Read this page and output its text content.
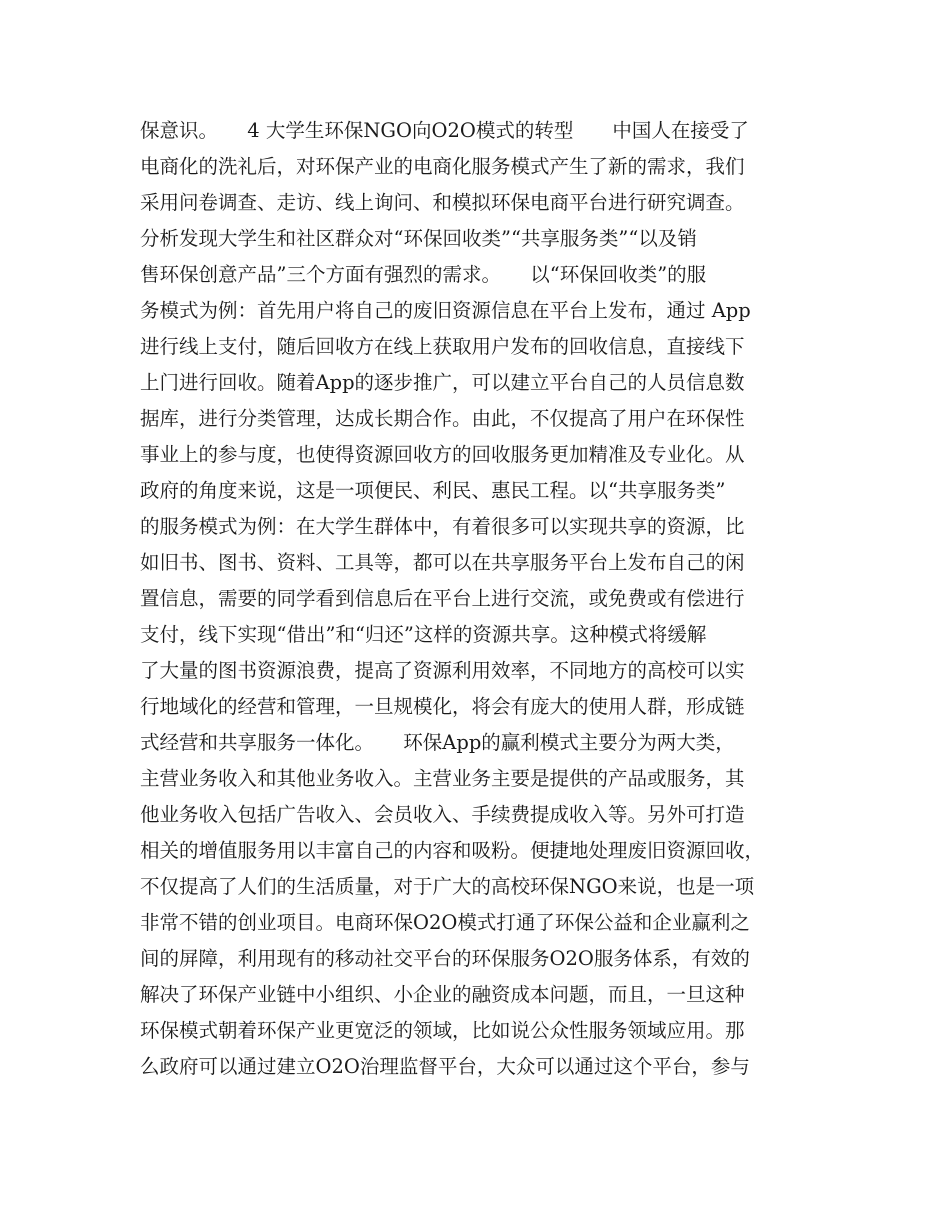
保意识。　　4 大学生环保NGO向O2O模式的转型　　中国人在接受了
电商化的洗礼后，对环保产业的电商化服务模式产生了新的需求，我们
采用问卷调查、走访、线上询问、和模拟环保电商平台进行研究调查。
分析发现大学生和社区群众对“环保回收类”“共享服务类”“以及销
售环保创意产品”三个方面有强烈的需求。　　以“环保回收类”的服
务模式为例：首先用户将自己的废旧资源信息在平台上发布，通过 App
进行线上支付，随后回收方在线上获取用户发布的回收信息，直接线下
上门进行回收。随着App的逐步推广，可以建立平台自己的人员信息数
据库，进行分类管理，达成长期合作。由此，不仅提高了用户在环保性
事业上的参与度，也使得资源回收方的回收服务更加精准及专业化。从
政府的角度来说，这是一项便民、利民、惠民工程。以“共享服务类”
的服务模式为例：在大学生群体中，有着很多可以实现共享的资源，比
如旧书、图书、资料、工具等，都可以在共享服务平台上发布自己的闲
置信息，需要的同学看到信息后在平台上进行交流，或免费或有偿进行
支付，线下实现“借出”和“归还”这样的资源共享。这种模式将缓解
了大量的图书资源浪费，提高了资源利用效率，不同地方的高校可以实
行地域化的经营和管理，一旦规模化，将会有庞大的使用人群，形成链
式经营和共享服务一体化。　　环保App的赢利模式主要分为两大类，
主营业务收入和其他业务收入。主营业务主要是提供的产品或服务，其
他业务收入包括广告收入、会员收入、手续费提成收入等。另外可打造
相关的增值服务用以丰富自己的内容和吸粉。便捷地处理废旧资源回收，
不仅提高了人们的生活质量，对于广大的高校环保NGO来说，也是一项
非常不错的创业项目。电商环保O2O模式打通了环保公益和企业赢利之
间的屏障，利用现有的移动社交平台的环保服务O2O服务体系，有效的
解决了环保产业链中小组织、小企业的融资成本问题，而且，一旦这种
环保模式朝着环保产业更宽泛的领域，比如说公众性服务领域应用。那
么政府可以通过建立O2O治理监督平台，大众可以通过这个平台，参与
